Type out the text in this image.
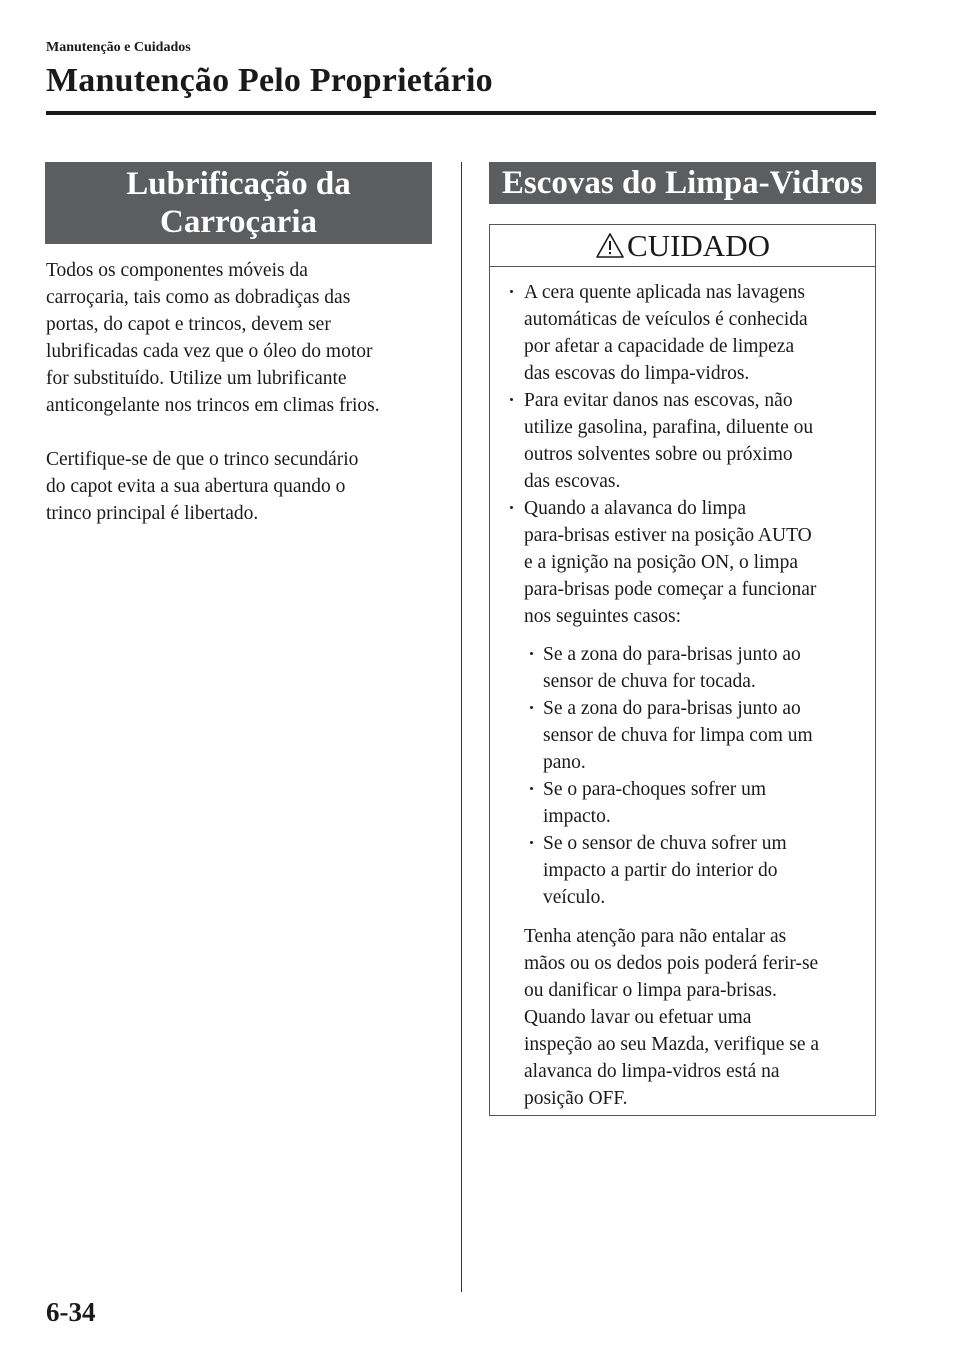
Manutenção e Cuidados
Manutenção Pelo Proprietário
Lubrificação da
Carroçaria
Todos os componentes móveis da
carroçaria, tais como as dobradiças das
portas, do capot e trincos, devem ser
lubrificadas cada vez que o óleo do motor
for substituído. Utilize um lubrificante
anticongelante nos trincos em climas frios.
Certifique-se de que o trinco secundário
do capot evita a sua abertura quando o
trinco principal é libertado.
Escovas do Limpa-Vidros
CUIDADO
A cera quente aplicada nas lavagens
automáticas de veículos é conhecida
por afetar a capacidade de limpeza
das escovas do limpa-vidros.
Para evitar danos nas escovas, não
utilize gasolina, parafina, diluente ou
outros solventes sobre ou próximo
das escovas.
Quando a alavanca do limpa
para-brisas estiver na posição AUTO
e a ignição na posição ON, o limpa
para-brisas pode começar a funcionar
nos seguintes casos:
Se a zona do para-brisas junto ao
sensor de chuva for tocada.
Se a zona do para-brisas junto ao
sensor de chuva for limpa com um
pano.
Se o para-choques sofrer um
impacto.
Se o sensor de chuva sofrer um
impacto a partir do interior do
veículo.
Tenha atenção para não entalar as
mãos ou os dedos pois poderá ferir-se
ou danificar o limpa para-brisas.
Quando lavar ou efetuar uma
inspeção ao seu Mazda, verifique se a
alavanca do limpa-vidros está na
posição OFF.
6-34
